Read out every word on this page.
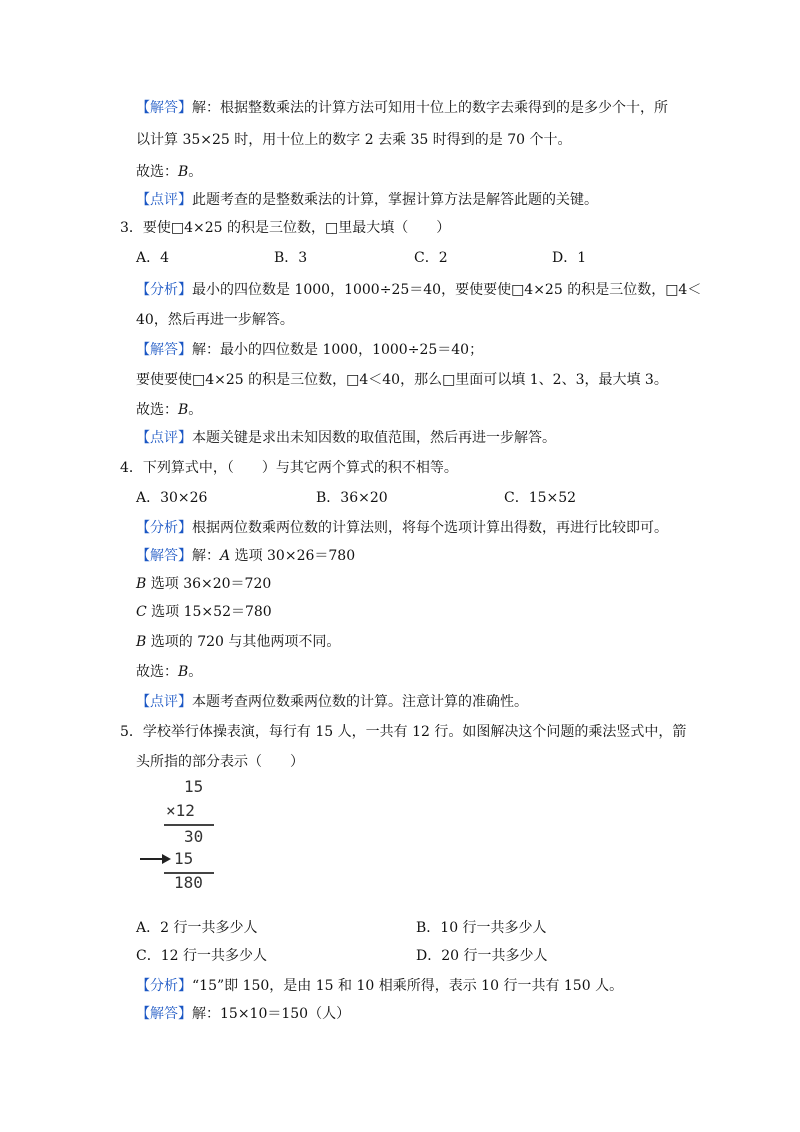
【解答】解：根据整数乘法的计算方法可知用十位上的数字去乘得到的是多少个十，所
以计算 35×25 时，用十位上的数字 2 去乘 35 时得到的是 70 个十。
故选：B。
【点评】此题考查的是整数乘法的计算，掌握计算方法是解答此题的关键。
3．要使□4×25 的积是三位数，□里最大填（　　）
A．4	B．3	C．2	D．1
【分析】最小的四位数是 1000，1000÷25＝40，要使要使□4×25 的积是三位数，□4＜
40，然后再进一步解答。
【解答】解：最小的四位数是 1000，1000÷25＝40；
要使要使□4×25 的积是三位数，□4＜40，那么□里面可以填 1、2、3，最大填 3。
故选：B。
【点评】本题关键是求出未知因数的取值范围，然后再进一步解答。
4．下列算式中，（　　）与其它两个算式的积不相等。
A．30×26	B．36×20	C．15×52
【分析】根据两位数乘两位数的计算法则，将每个选项计算出得数，再进行比较即可。
【解答】解：A 选项 30×26＝780
B 选项 36×20＝720
C 选项 15×52＝780
B 选项的 720 与其他两项不同。
故选：B。
【点评】本题考查两位数乘两位数的计算。注意计算的准确性。
5．学校举行体操表演，每行有 15 人，一共有 12 行。如图解决这个问题的乘法竖式中，箭
头所指的部分表示（　　）
15
×12
30
15
180
A．2 行一共多少人	B．10 行一共多少人
C．12 行一共多少人	D．20 行一共多少人
【分析】“15”即 150，是由 15 和 10 相乘所得，表示 10 行一共有 150 人。
【解答】解：15×10＝150（人）
